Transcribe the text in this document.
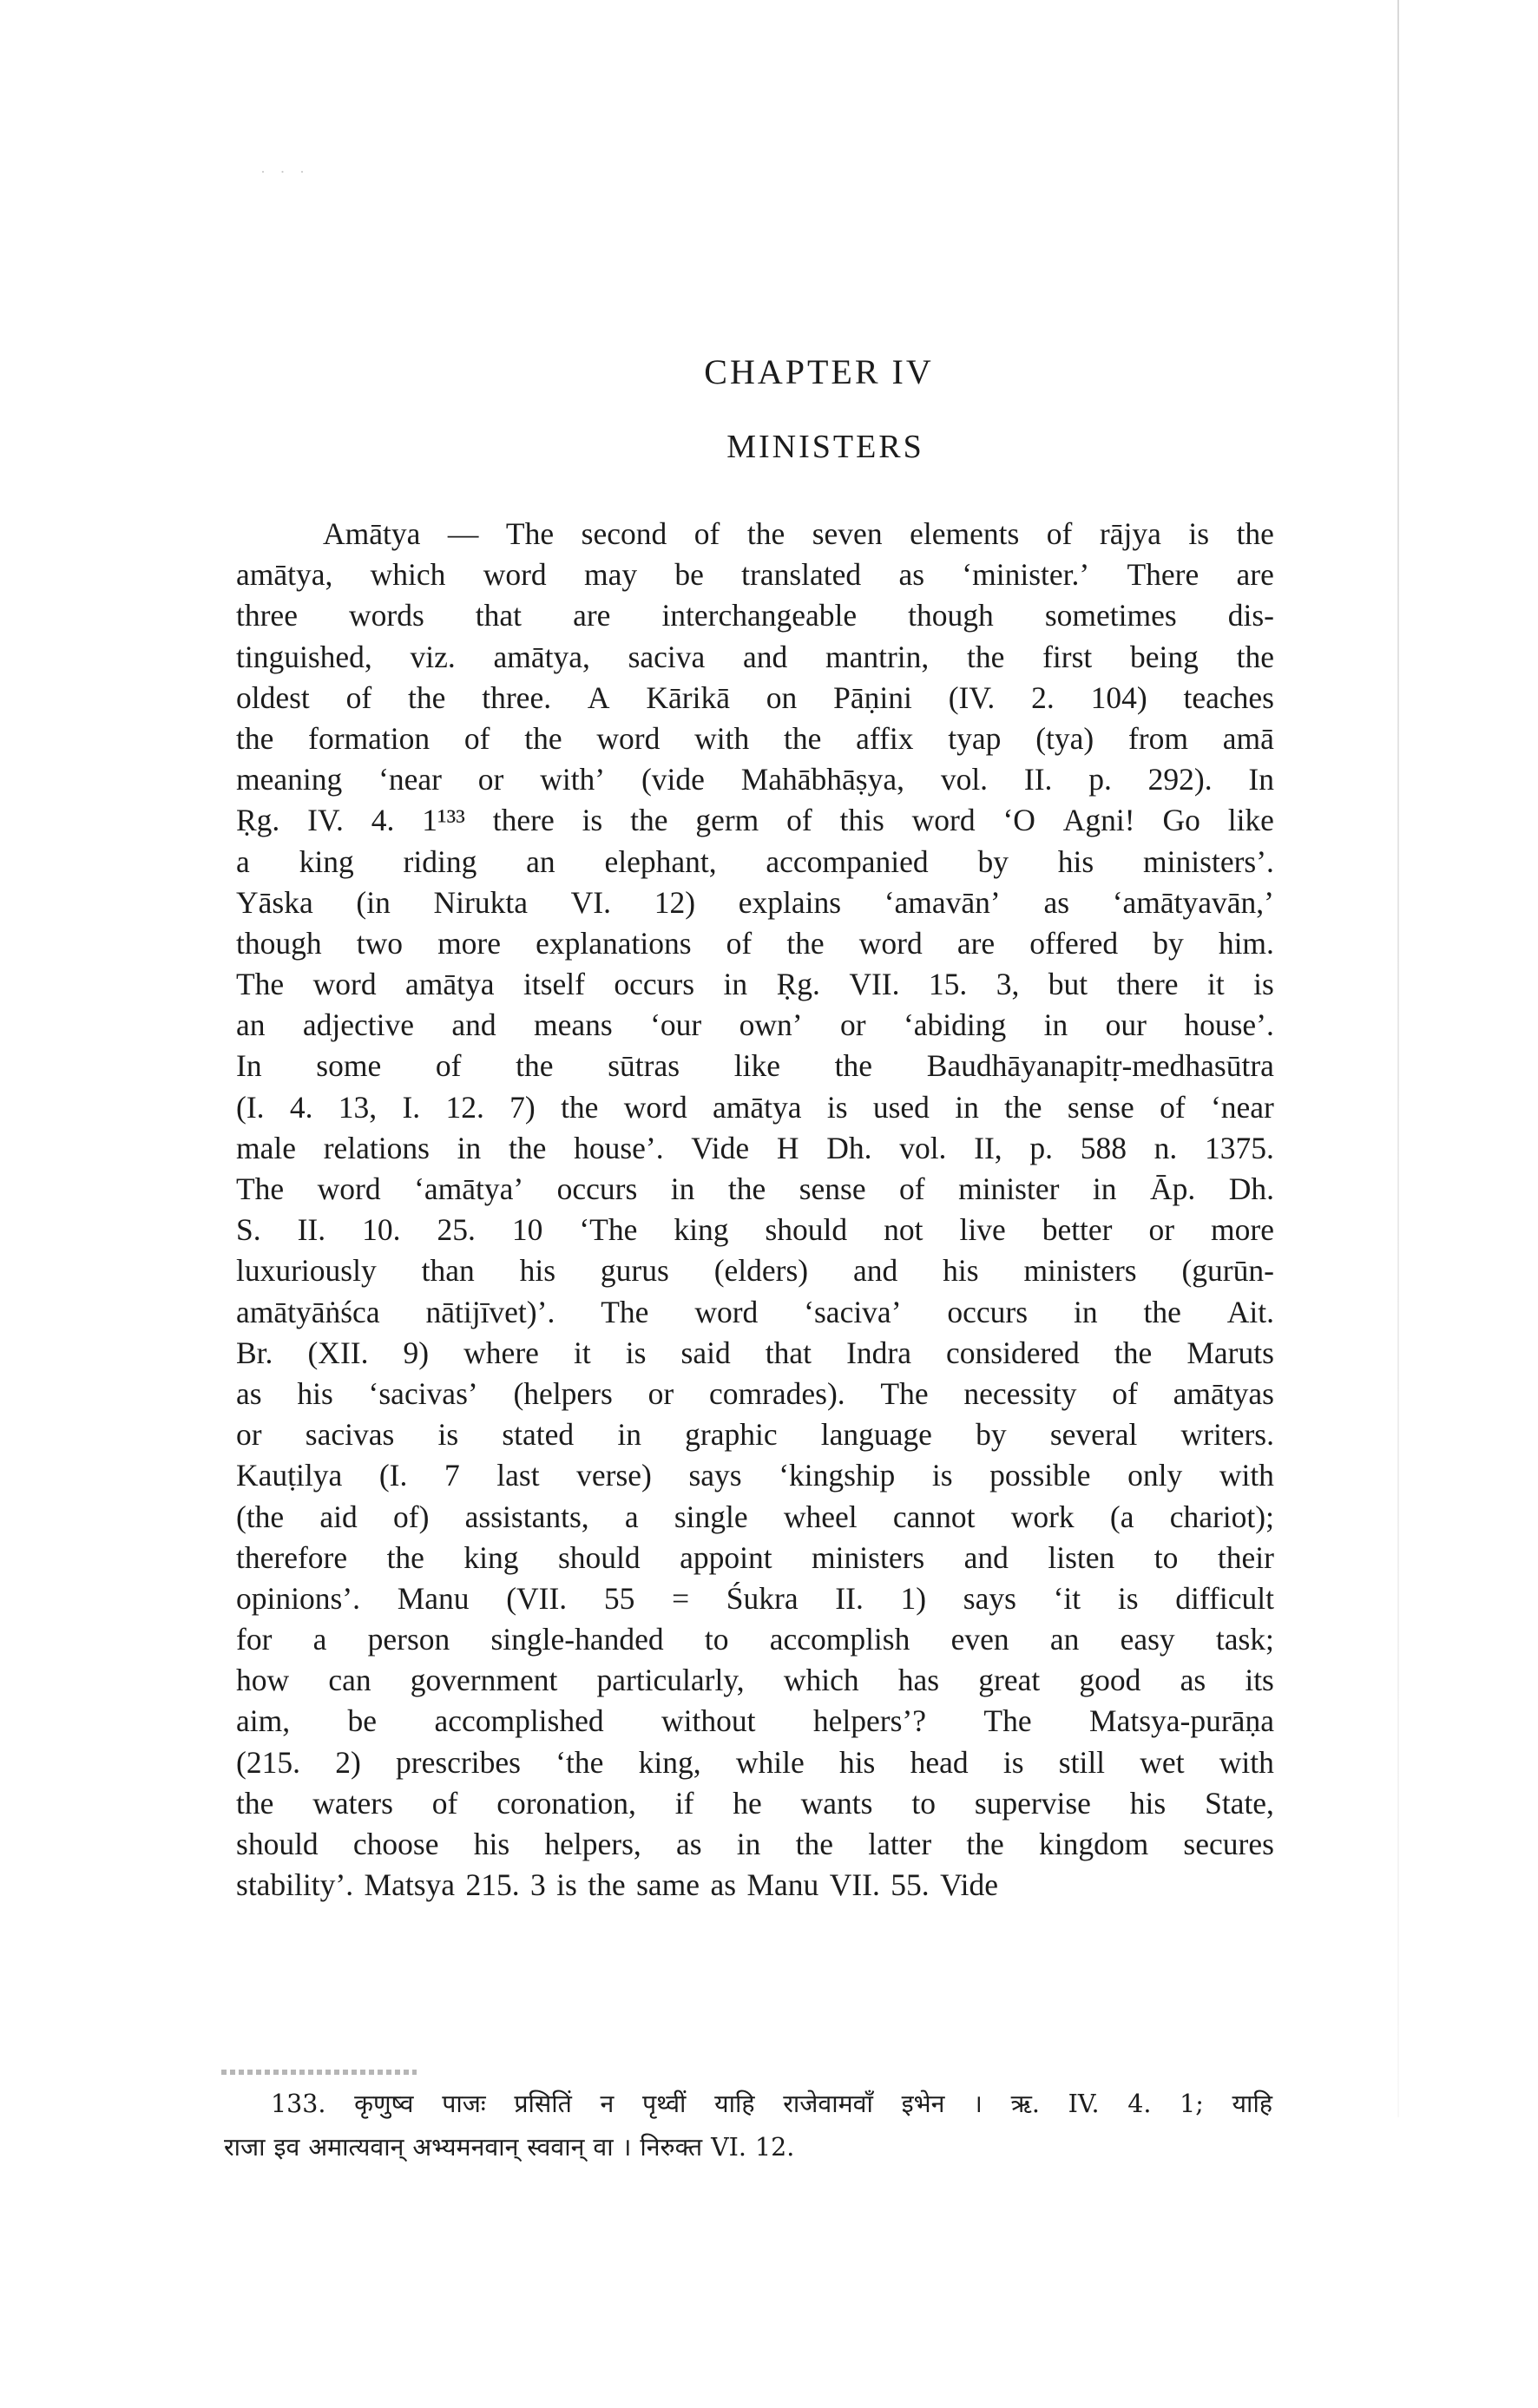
· · ·
CHAPTER IV
MINISTERS
Amātya — The second of the seven elements of rājya is the
amātya, which word may be translated as ‘minister.’ There are
three words that are interchangeable though sometimes dis-
tinguished, viz. amātya, saciva and mantrin, the first being the
oldest of the three. A Kārikā on Pāṇini (IV. 2. 104) teaches
the formation of the word with the affix tyap (tya) from amā
meaning ‘near or with’ (vide Mahābhāṣya, vol. II. p. 292). In
Ṛg. IV. 4. 1¹³³ there is the germ of this word ‘O Agni! Go like
a king riding an elephant, accompanied by his ministers’.
Yāska (in Nirukta VI. 12) explains ‘amavān’ as ‘amātyavān,’
though two more explanations of the word are offered by him.
The word amātya itself occurs in Ṛg. VII. 15. 3, but there it is
an adjective and means ‘our own’ or ‘abiding in our house’.
In some of the sūtras like the Baudhāyanapitṛ-medhasūtra
(I. 4. 13, I. 12. 7) the word amātya is used in the sense of ‘near
male relations in the house’. Vide H Dh. vol. II, p. 588 n. 1375.
The word ‘amātya’ occurs in the sense of minister in Āp. Dh.
S. II. 10. 25. 10 ‘The king should not live better or more
luxuriously than his gurus (elders) and his ministers (gurūn-
amātyāṅśca nātijīvet)’. The word ‘saciva’ occurs in the Ait.
Br. (XII. 9) where it is said that Indra considered the Maruts
as his ‘sacivas’ (helpers or comrades). The necessity of amātyas
or sacivas is stated in graphic language by several writers.
Kauṭilya (I. 7 last verse) says ‘kingship is possible only with
(the aid of) assistants, a single wheel cannot work (a chariot);
therefore the king should appoint ministers and listen to their
opinions’. Manu (VII. 55 = Śukra II. 1) says ‘it is difficult
for a person single-handed to accomplish even an easy task;
how can government particularly, which has great good as its
aim, be accomplished without helpers’? The Matsya-purāṇa
(215. 2) prescribes ‘the king, while his head is still wet with
the waters of coronation, if he wants to supervise his State,
should choose his helpers, as in the latter the kingdom secures
stability’. Matsya 215. 3 is the same as Manu VII. 55. Vide
133. कृणुष्व पाजः प्रसितिं न पृथ्वीं याहि राजेवामवाँ इभेन । ऋ. IV. 4. 1; याहि
राजा इव अमात्यवान् अभ्यमनवान् स्ववान् वा । निरुक्त VI. 12.
